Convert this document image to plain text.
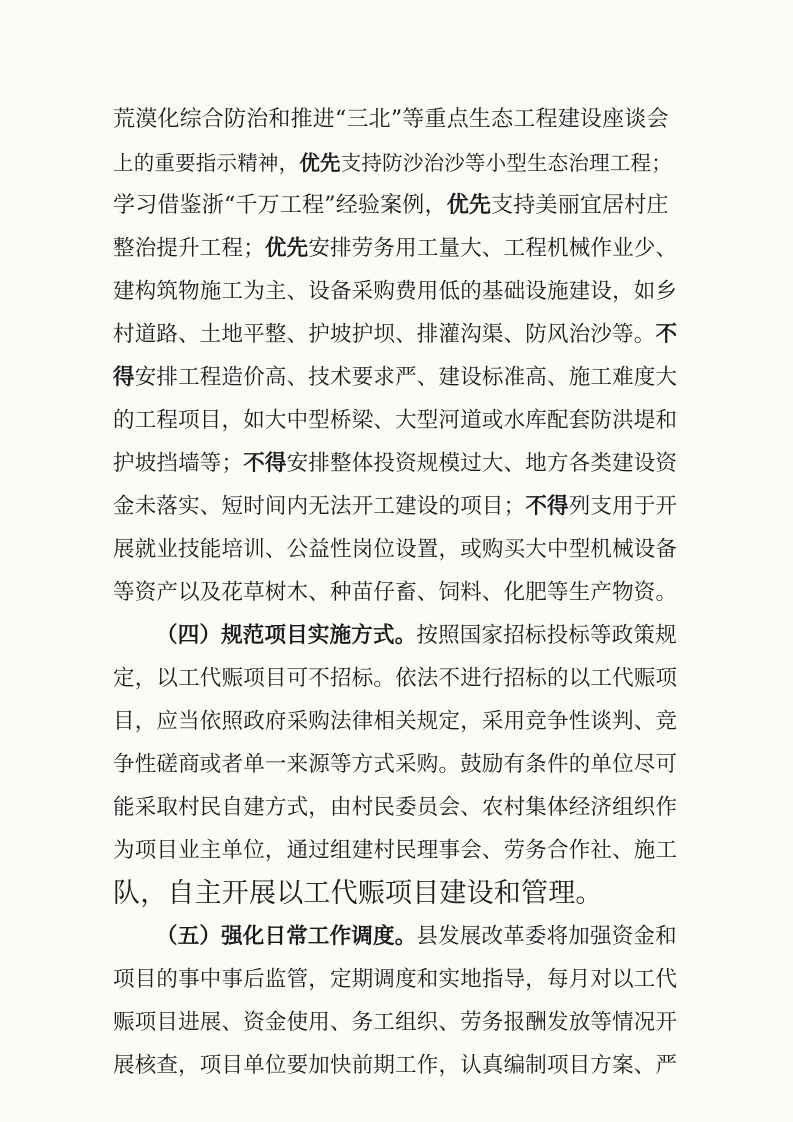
荒漠化综合防治和推进“三北”等重点生态工程建设座谈会

上的重要指示精神，优先支持防沙治沙等小型生态治理工程；

学习借鉴浙“千万工程”经验案例，优先支持美丽宜居村庄

整治提升工程；优先安排劳务用工量大、工程机械作业少、

建构筑物施工为主、设备采购费用低的基础设施建设，如乡

村道路、土地平整、护坡护坝、排灌沟渠、防风治沙等。不

得安排工程造价高、技术要求严、建设标准高、施工难度大

的工程项目，如大中型桥梁、大型河道或水库配套防洪堤和

护坡挡墙等；不得安排整体投资规模过大、地方各类建设资

金未落实、短时间内无法开工建设的项目；不得列支用于开

展就业技能培训、公益性岗位设置，或购买大中型机械设备

等资产以及花草树木、种苗仔畜、饲料、化肥等生产物资。

（四）规范项目实施方式。按照国家招标投标等政策规

定，以工代赈项目可不招标。依法不进行招标的以工代赈项

目，应当依照政府采购法律相关规定，采用竞争性谈判、竞

争性磋商或者单一来源等方式采购。鼓励有条件的单位尽可

能采取村民自建方式，由村民委员会、农村集体经济组织作

为项目业主单位，通过组建村民理事会、劳务合作社、施工

队，自主开展以工代赈项目建设和管理。

（五）强化日常工作调度。县发展改革委将加强资金和

项目的事中事后监管，定期调度和实地指导，每月对以工代

赈项目进展、资金使用、务工组织、劳务报酬发放等情况开

展核查，项目单位要加快前期工作，认真编制项目方案、严
